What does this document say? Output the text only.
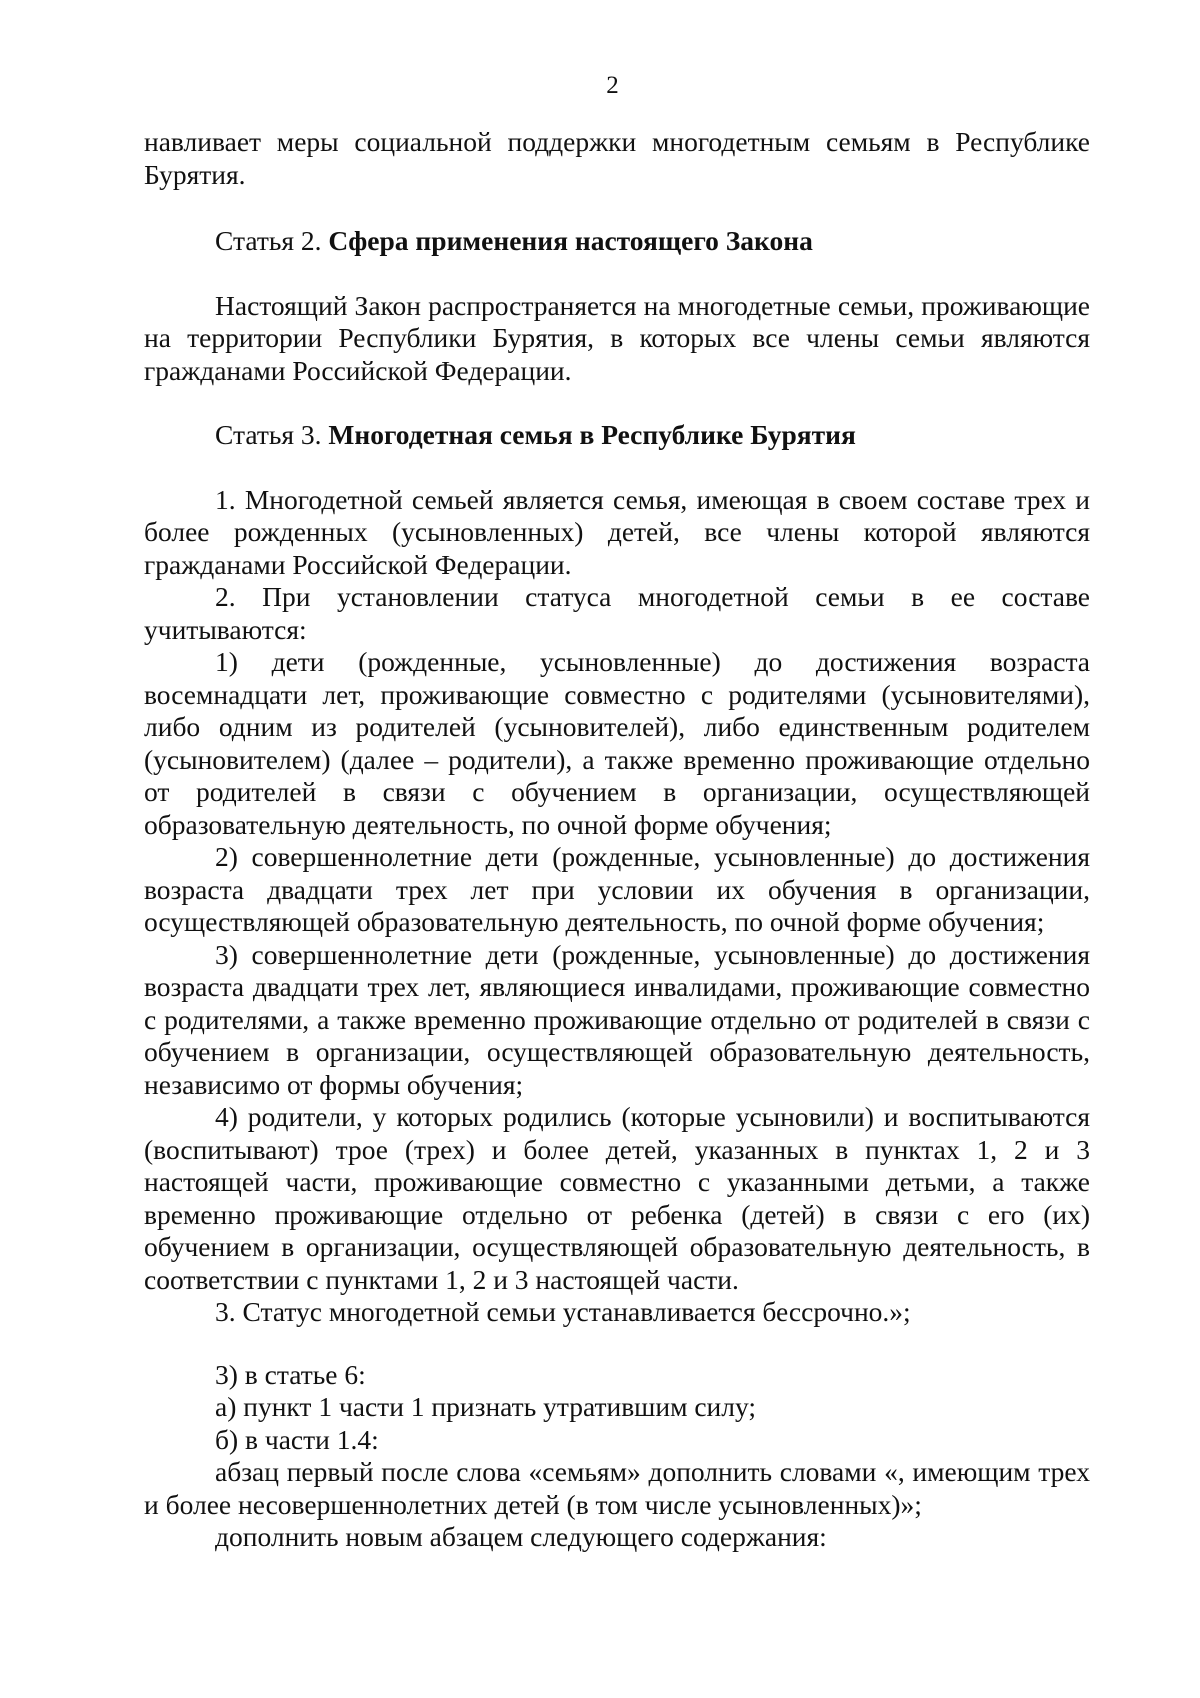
2

навливает меры социальной поддержки многодетным семьям в Республике Бурятия.

Статья 2. Сфера применения настоящего Закона

Настоящий Закон распространяется на многодетные семьи, проживающие на территории Республики Бурятия, в которых все члены семьи являются гражданами Российской Федерации.

Статья 3. Многодетная семья в Республике Бурятия

1. Многодетной семьей является семья, имеющая в своем составе трех и более рожденных (усыновленных) детей, все члены которой являются гражданами Российской Федерации.

2. При установлении статуса многодетной семьи в ее составе учитываются:

1) дети (рожденные, усыновленные) до достижения возраста восемнадцати лет, проживающие совместно с родителями (усыновителями), либо одним из родителей (усыновителей), либо единственным родителем (усыновителем) (далее – родители), а также временно проживающие отдельно от родителей в связи с обучением в организации, осуществляющей образовательную деятельность, по очной форме обучения;

2) совершеннолетние дети (рожденные, усыновленные) до достижения возраста двадцати трех лет при условии их обучения в организации, осуществляющей образовательную деятельность, по очной форме обучения;

3) совершеннолетние дети (рожденные, усыновленные) до достижения возраста двадцати трех лет, являющиеся инвалидами, проживающие совместно с родителями, а также временно проживающие отдельно от родителей в связи с обучением в организации, осуществляющей образовательную деятельность, независимо от формы обучения;

4) родители, у которых родились (которые усыновили) и воспитываются (воспитывают) трое (трех) и более детей, указанных в пунктах 1, 2 и 3 настоящей части, проживающие совместно с указанными детьми, а также временно проживающие отдельно от ребенка (детей) в связи с его (их) обучением в организации, осуществляющей образовательную деятельность, в соответствии с пунктами 1, 2 и 3 настоящей части.

3. Статус многодетной семьи устанавливается бессрочно.»;

3) в статье 6:

а) пункт 1 части 1 признать утратившим силу;

б) в части 1.4:

абзац первый после слова «семьям» дополнить словами «, имеющим трех и более несовершеннолетних детей (в том числе усыновленных)»;

дополнить новым абзацем следующего содержания:
